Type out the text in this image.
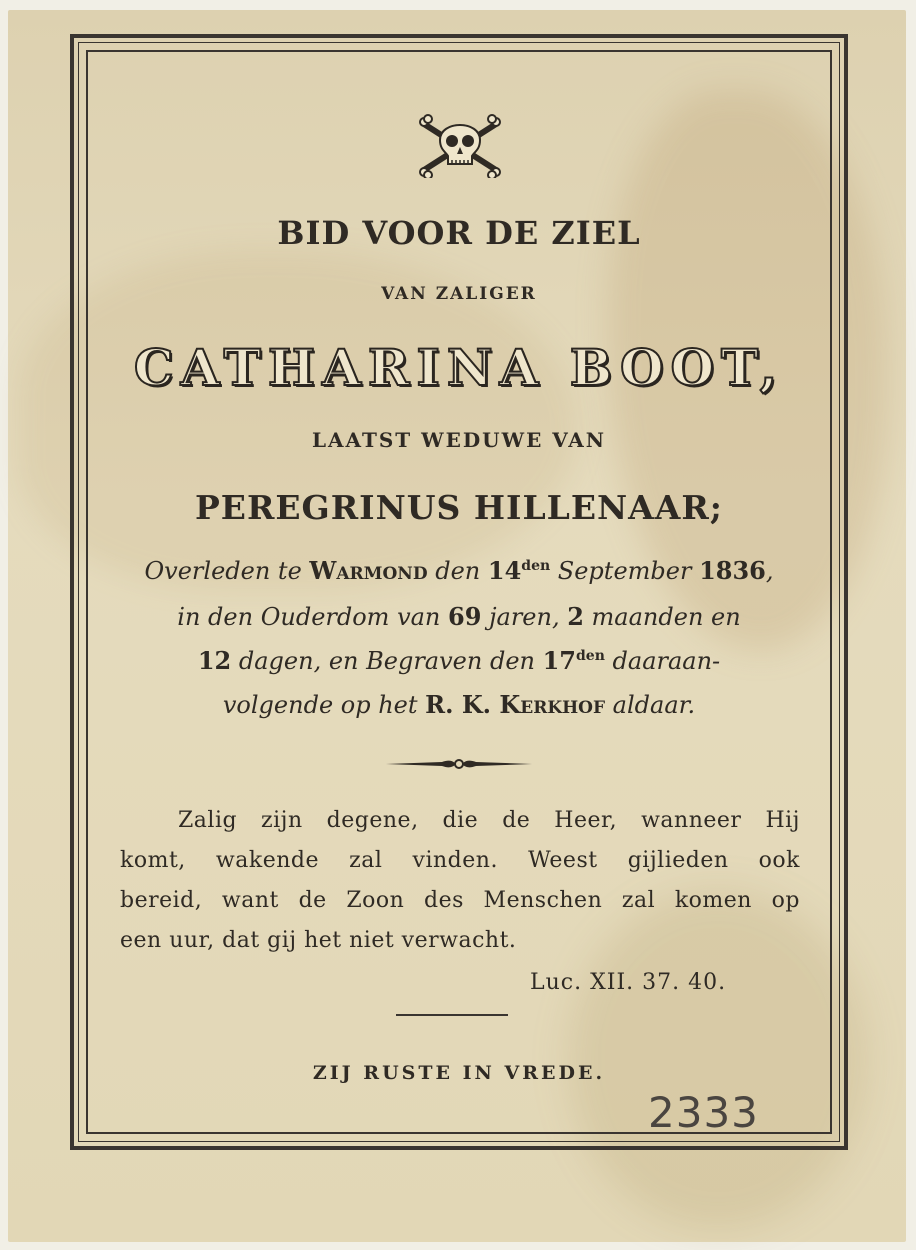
BID VOOR DE ZIEL
VAN ZALIGER
CATHARINA BOOT,
LAATST WEDUWE VAN
PEREGRINUS HILLENAAR;
Overleden te Warmond den $14^{den}$ September 1836,
in den Ouderdom van 69 jaren, 2 maanden en
12 dagen, en Begraven den $17^{den}$ daaraan-
volgende op het R. K. Kerkhof aldaar.
Zalig zijn degene, die de Heer, wanneer Hij
komt, wakende zal vinden. Weest gijlieden ook
bereid, want de Zoon des Menschen zal komen op
een uur, dat gij het niet verwacht.
Luc. XII. 37. 40.
ZIJ RUSTE IN VREDE.
2333
